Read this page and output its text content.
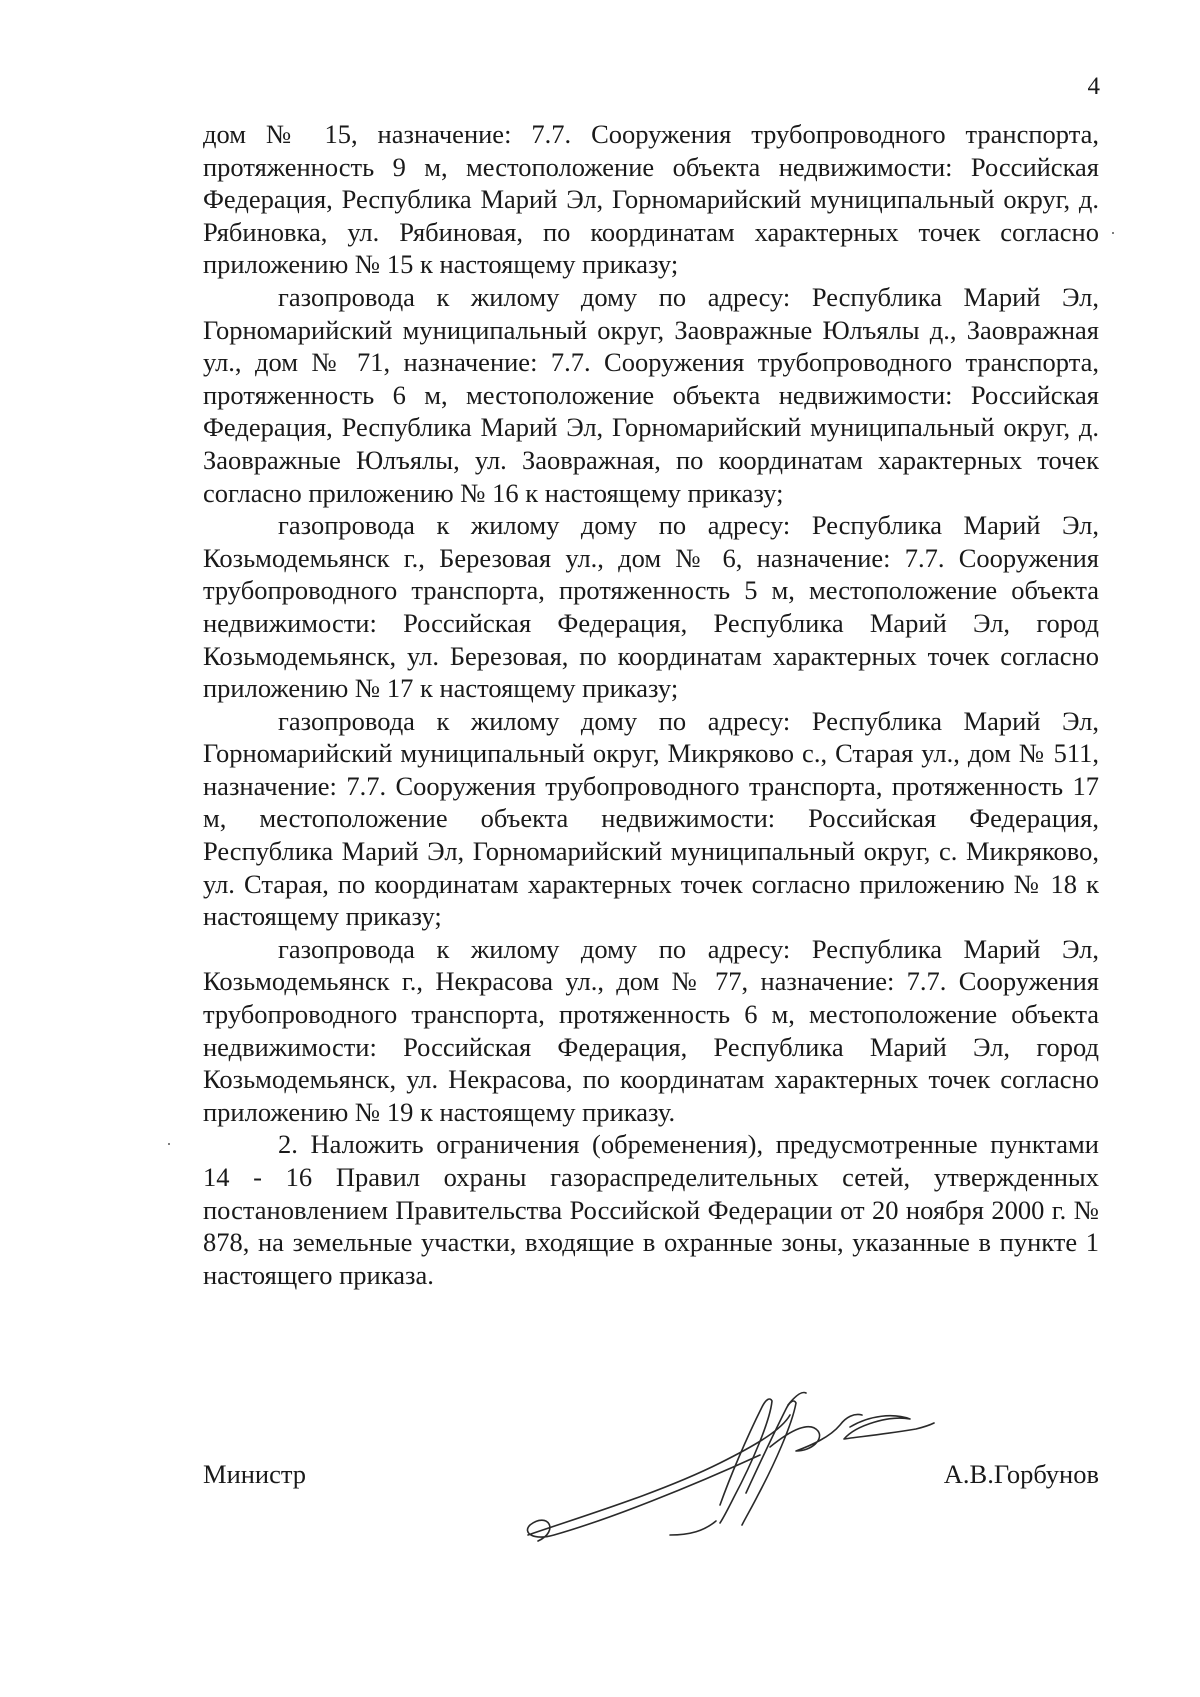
4

дом № 15, назначение: 7.7. Сооружения трубопроводного транспорта, протяженность 9 м, местоположение объекта недвижимости: Российская Федерация, Республика Марий Эл, Горномарийский муниципальный округ, д. Рябиновка, ул. Рябиновая, по координатам характерных точек согласно приложению № 15 к настоящему приказу;

газопровода к жилому дому по адресу: Республика Марий Эл, Горномарийский муниципальный округ, Заовражные Юлъялы д., Заовражная ул., дом № 71, назначение: 7.7. Сооружения трубопроводного транспорта, протяженность 6 м, местоположение объекта недвижимости: Российская Федерация, Республика Марий Эл, Горномарийский муниципальный округ, д. Заовражные Юлъялы, ул. Заовражная, по координатам характерных точек согласно приложению № 16 к настоящему приказу;

газопровода к жилому дому по адресу: Республика Марий Эл, Козьмодемьянск г., Березовая ул., дом № 6, назначение: 7.7. Сооружения трубопроводного транспорта, протяженность 5 м, местоположение объекта недвижимости: Российская Федерация, Республика Марий Эл, город Козьмодемьянск, ул. Березовая, по координатам характерных точек согласно приложению № 17 к настоящему приказу;

газопровода к жилому дому по адресу: Республика Марий Эл, Горномарийский муниципальный округ, Микряково с., Старая ул., дом № 511, назначение: 7.7. Сооружения трубопроводного транспорта, протяженность 17 м, местоположение объекта недвижимости: Российская Федерация, Республика Марий Эл, Горномарийский муниципальный округ, с. Микряково, ул. Старая, по координатам характерных точек согласно приложению № 18 к настоящему приказу;

газопровода к жилому дому по адресу: Республика Марий Эл, Козьмодемьянск г., Некрасова ул., дом № 77, назначение: 7.7. Сооружения трубопроводного транспорта, протяженность 6 м, местоположение объекта недвижимости: Российская Федерация, Республика Марий Эл, город Козьмодемьянск, ул. Некрасова, по координатам характерных точек согласно приложению № 19 к настоящему приказу.

2. Наложить ограничения (обременения), предусмотренные пунктами 14 - 16 Правил охраны газораспределительных сетей, утвержденных постановлением Правительства Российской Федерации от 20 ноября 2000 г. № 878, на земельные участки, входящие в охранные зоны, указанные в пункте 1 настоящего приказа.

Министр	А.В.Горбунов
